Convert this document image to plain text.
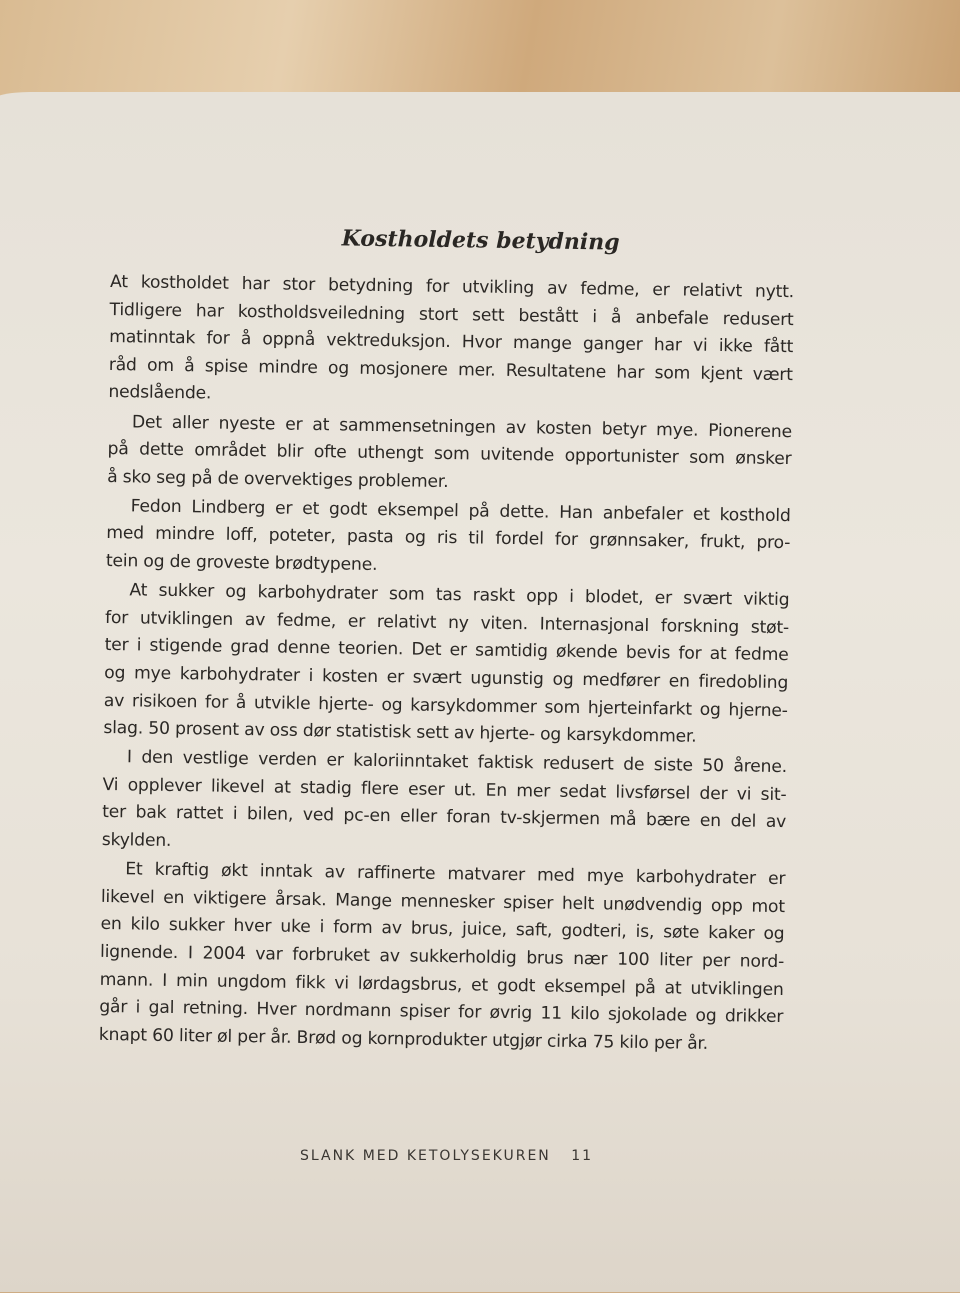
Kostholdets betydning
At kostholdet har stor betydning for utvikling av fedme, er relativt nytt.
Tidligere har kostholdsveiledning stort sett bestått i å anbefale redusert
matinntak for å oppnå vektreduksjon. Hvor mange ganger har vi ikke fått
råd om å spise mindre og mosjonere mer. Resultatene har som kjent vært
nedslående.
Det aller nyeste er at sammensetningen av kosten betyr mye. Pionerene
på dette området blir ofte uthengt som uvitende opportunister som ønsker
å sko seg på de overvektiges problemer.
Fedon Lindberg er et godt eksempel på dette. Han anbefaler et kosthold
med mindre loff, poteter, pasta og ris til fordel for grønnsaker, frukt, pro-
tein og de groveste brødtypene.
At sukker og karbohydrater som tas raskt opp i blodet, er svært viktig
for utviklingen av fedme, er relativt ny viten. Internasjonal forskning støt-
ter i stigende grad denne teorien. Det er samtidig økende bevis for at fedme
og mye karbohydrater i kosten er svært ugunstig og medfører en firedobling
av risikoen for å utvikle hjerte- og karsykdommer som hjerteinfarkt og hjerne-
slag. 50 prosent av oss dør statistisk sett av hjerte- og karsykdommer.
I den vestlige verden er kaloriinntaket faktisk redusert de siste 50 årene.
Vi opplever likevel at stadig flere eser ut. En mer sedat livsførsel der vi sit-
ter bak rattet i bilen, ved pc-en eller foran tv-skjermen må bære en del av
skylden.
Et kraftig økt inntak av raffinerte matvarer med mye karbohydrater er
likevel en viktigere årsak. Mange mennesker spiser helt unødvendig opp mot
en kilo sukker hver uke i form av brus, juice, saft, godteri, is, søte kaker og
lignende. I 2004 var forbruket av sukkerholdig brus nær 100 liter per nord-
mann. I min ungdom fikk vi lørdagsbrus, et godt eksempel på at utviklingen
går i gal retning. Hver nordmann spiser for øvrig 11 kilo sjokolade og drikker
knapt 60 liter øl per år. Brød og kornprodukter utgjør cirka 75 kilo per år.
SLANK MED KETOLYSEKUREN 11
